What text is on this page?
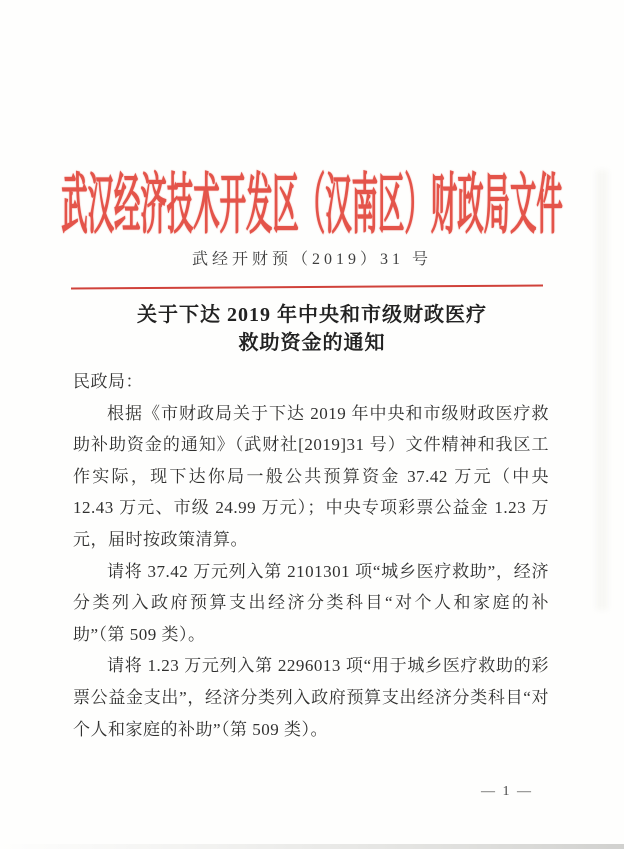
武汉经济技术开发区（汉南区）财政局文件
武经开财预（2019）31 号
关于下达 2019 年中央和市级财政医疗
救助资金的通知

民政局：

根据《市财政局关于下达 2019 年中央和市级财政医疗救助补助资金的通知》（武财社[2019]31 号）文件精神和我区工作实际，现下达你局一般公共预算资金 37.42 万元（中央 12.43 万元、市级 24.99 万元）；中央专项彩票公益金 1.23 万元，届时按政策清算。

请将 37.42 万元列入第 2101301 项“城乡医疗救助”，经济分类列入政府预算支出经济分类科目“对个人和家庭的补助”（第 509 类）。

请将 1.23 万元列入第 2296013 项“用于城乡医疗救助的彩票公益金支出”，经济分类列入政府预算支出经济分类科目“对个人和家庭的补助”（第 509 类）。

— 1 —
